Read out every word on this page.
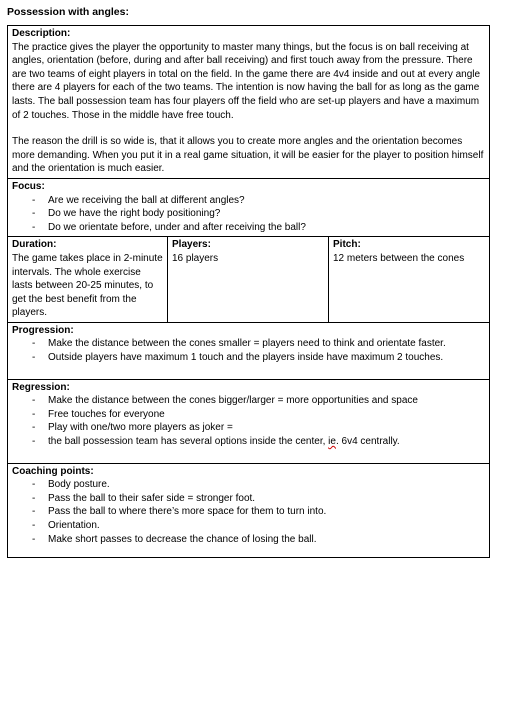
Possession with angles:
Description:

The practice gives the player the opportunity to master many things, but the focus is on ball receiving at angles, orientation (before, during and after ball receiving) and first touch away from the pressure. There are two teams of eight players in total on the field. In the game there are 4v4 inside and out at every angle there are 4 players for each of the two teams. The intention is now having the ball for as long as the game lasts. The ball possession team has four players off the field who are set-up players and have a maximum of 2 touches. Those in the middle have free touch.

The reason the drill is so wide is, that it allows you to create more angles and the orientation becomes more demanding. When you put it in a real game situation, it will be easier for the player to position himself and the orientation is much easier.

Focus:
- Are we receiving the ball at different angles?
- Do we have the right body positioning?
- Do we orientate before, under and after receiving the ball?
Duration:
The game takes place in 2-minute intervals. The whole exercise lasts between 20-25 minutes, to get the best benefit from the players.
Players:
16 players
Pitch:
12 meters between the cones
Progression:
- Make the distance between the cones smaller = players need to think and orientate faster.
- Outside players have maximum 1 touch and the players inside have maximum 2 touches.
Regression:
- Make the distance between the cones bigger/larger = more opportunities and space
- Free touches for everyone
- Play with one/two more players as joker =
- the ball possession team has several options inside the center, ie. 6v4 centrally.
Coaching points:
- Body posture.
- Pass the ball to their safer side = stronger foot.
- Pass the ball to where there’s more space for them to turn into.
- Orientation.
- Make short passes to decrease the chance of losing the ball.
